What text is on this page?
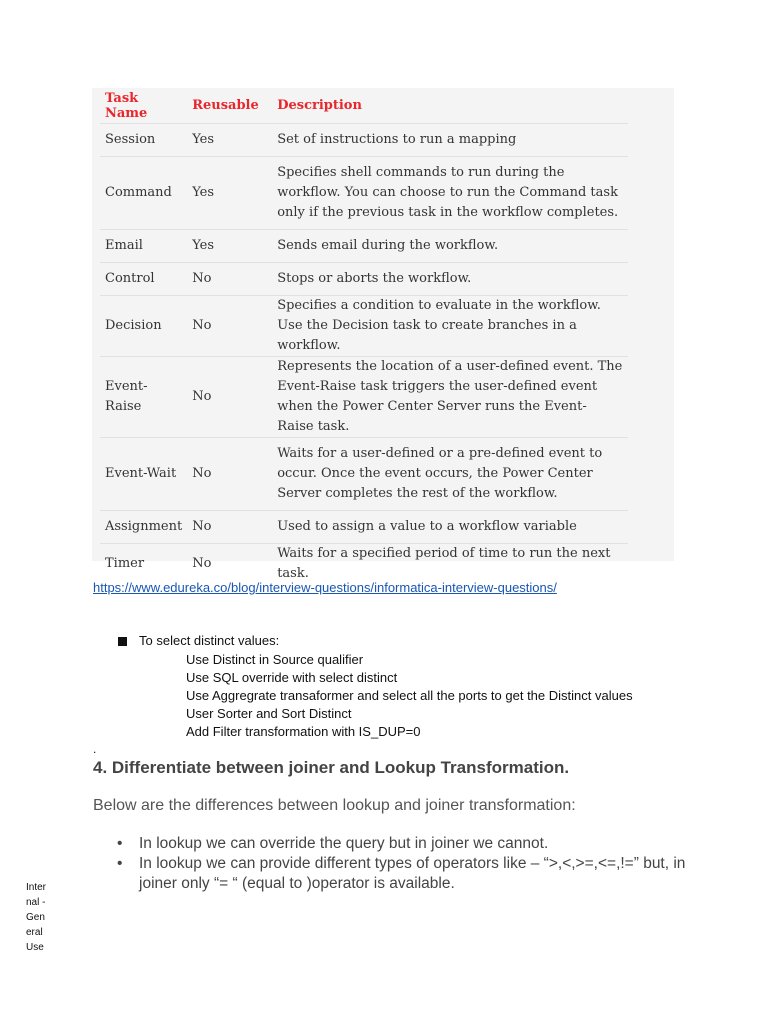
Task Name	Reusable	Description
Session	Yes	Set of instructions to run a mapping
Command	Yes	Specifies shell commands to run during the workflow. You can choose to run the Command task only if the previous task in the workflow completes.
Email	Yes	Sends email during the workflow.
Control	No	Stops or aborts the workflow.
Decision	No	Specifies a condition to evaluate in the workflow. Use the Decision task to create branches in a workflow.
Event-Raise	No	Represents the location of a user-defined event. The Event-Raise task triggers the user-defined event when the Power Center Server runs the Event-Raise task.
Event-Wait	No	Waits for a user-defined or a pre-defined event to occur. Once the event occurs, the Power Center Server completes the rest of the workflow.
Assignment	No	Used to assign a value to a workflow variable
Timer	No	Waits for a specified period of time to run the next task.
https://www.edureka.co/blog/interview-questions/informatica-interview-questions/
To select distinct values:
Use Distinct in Source qualifier
Use SQL override with select distinct
Use Aggregrate transaformer and select all the ports to get the Distinct values
User Sorter and Sort Distinct
Add Filter transformation with IS_DUP=0
.
4. Differentiate between joiner and Lookup Transformation.
Below are the differences between lookup and joiner transformation:
• In lookup we can override the query but in joiner we cannot.
• In lookup we can provide different types of operators like – “>,<,>=,<=,!=” but, in joiner only “= “ (equal to )operator is available.
Internal - General Use
